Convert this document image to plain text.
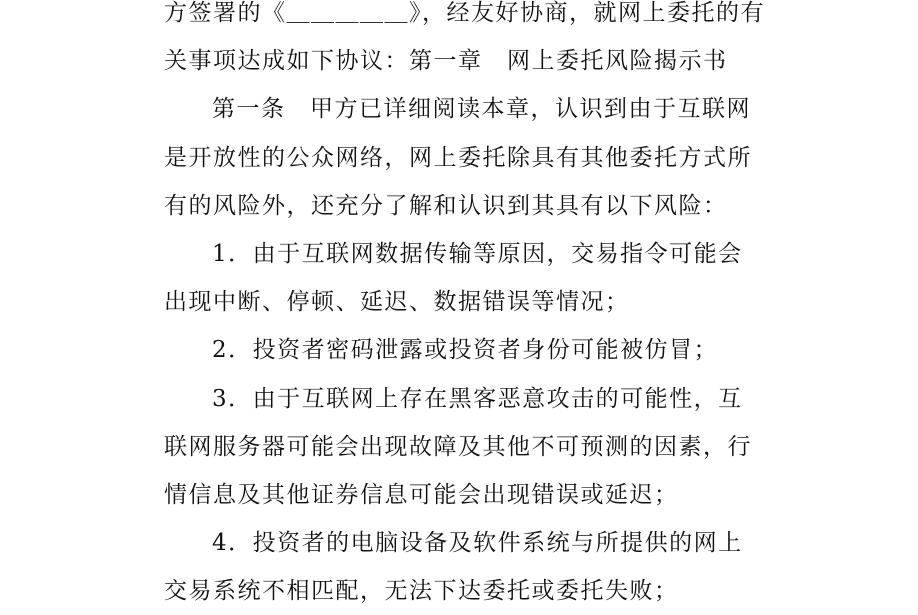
方签署的《＿＿＿＿＿》，经友好协商，就网上委托的有
关事项达成如下协议：第一章　网上委托风险揭示书
第一条　甲方已详细阅读本章，认识到由于互联网
是开放性的公众网络，网上委托除具有其他委托方式所
有的风险外，还充分了解和认识到其具有以下风险：
1．由于互联网数据传输等原因，交易指令可能会
出现中断、停顿、延迟、数据错误等情况；
2．投资者密码泄露或投资者身份可能被仿冒；
3．由于互联网上存在黑客恶意攻击的可能性，互
联网服务器可能会出现故障及其他不可预测的因素，行
情信息及其他证券信息可能会出现错误或延迟；
4．投资者的电脑设备及软件系统与所提供的网上
交易系统不相匹配，无法下达委托或委托失败；
